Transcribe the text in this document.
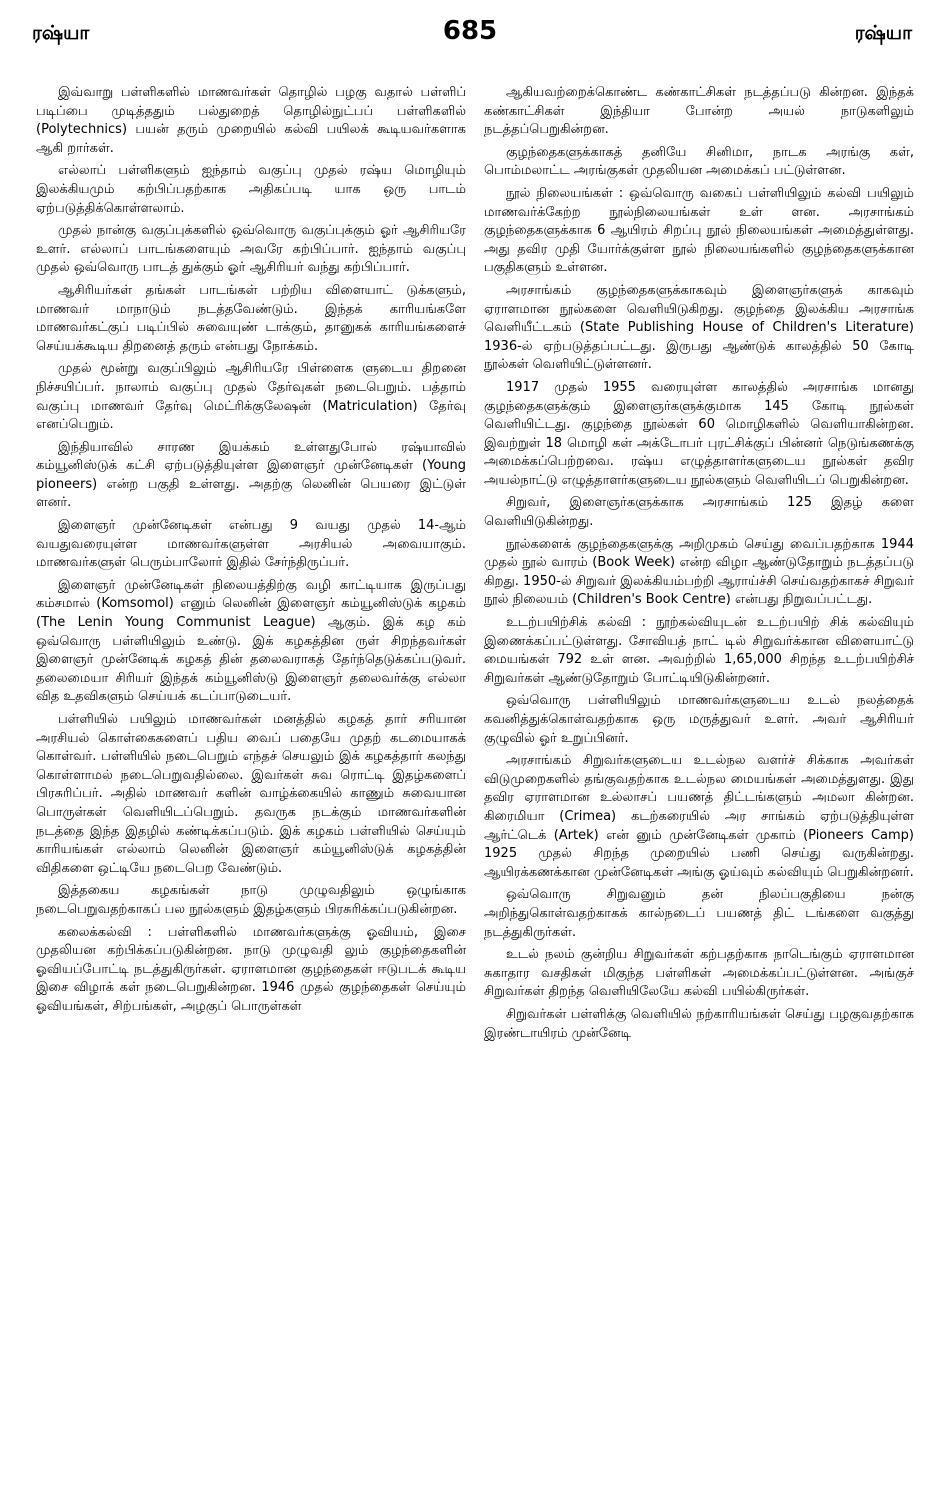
ரஷ்யா	685	ரஷ்யா

இவ்வாறு பள்ளிகளில் மாணவர்கள் தொழில் பழகு வதால் பள்ளிப் படிப்பை முடித்ததும் பல்துறைத் தொழில்நுட்பப் பள்ளிகளில் (Polytechnics) பயன் தரும் முறையில் கல்வி பயிலக் கூடியவர்களாக ஆகி றார்கள்.

எல்லாப் பள்ளிகளும் ஐந்தாம் வகுப்பு முதல் ரஷ்ய மொழியும் இலக்கியமும் கற்பிப்பதற்காக அதிகப்படி யாக ஒரு பாடம் ஏற்படுத்திக்கொள்ளலாம்.

முதல் நான்கு வகுப்புக்களில் ஒவ்வொரு வகுப்புக்கும் ஓர் ஆசிரியரே உளர். எல்லாப் பாடங்களையும் அவரே கற்பிப்பார். ஐந்தாம் வகுப்பு முதல் ஒவ்வொரு பாடத் துக்கும் ஓர் ஆசிரியர் வந்து கற்பிப்பார்.

ஆசிரியர்கள் தங்கள் பாடங்கள் பற்றிய விளையாட் டுக்களும், மாணவர் மாநாடும் நடத்தவேண்டும். இந்தக் காரியங்களே மாணவர்கட்குப் படிப்பில் சுவையுண் டாக்கும், தானுகக் காரியங்களைச் செய்யக்கூடிய திறனைத் தரும் என்பது நோக்கம்.

முதல் மூன்று வகுப்பிலும் ஆசிரியரே பிள்ளைக ளுடைய திறனை நிச்சயிப்பர். நாலாம் வகுப்பு முதல் தேர்வுகள் நடைபெறும். பத்தாம் வகுப்பு மாணவர் தேர்வு மெட்ரிக்குலேஷன் (Matriculation) தேர்வு எனப்பெறும்.

இந்தியாவில் சாரண இயக்கம் உள்ளதுபோல் ரஷ்யாவில் கம்யூனிஸ்டுக் கட்சி ஏற்படுத்தியுள்ள இளைஞர் முன்னேடிகள் (Young pioneers) என்ற பகுதி உள்ளது. அதற்கு லெனின் பெயரை இட்டுள் ளனர்.

இளைஞர் முன்னேடிகள் என்பது 9 வயது முதல் 14-ஆம் வயதுவரையுள்ள மாணவர்களுள்ள அரசியல் அவையாகும். மாணவர்களுள் பெரும்பாலோர் இதில் சேர்ந்திருப்பர்.

இளைஞர் முன்னேடிகள் நிலையத்திற்கு வழி காட்டியாக இருப்பது கம்சமால் (Komsomol) எனும் லெனின் இளைஞர் கம்யூனிஸ்டுக் கழகம் (The Lenin Young Communist League) ஆகும். இக் கழ கம் ஒவ்வொரு பள்ளியிலும் உண்டு. இக் கழகத்தின ருள் சிறந்தவர்கள் இளைஞர் முன்னேடிக் கழகத் தின் தலைவராகத் தேர்ந்தெடுக்கப்படுவர். தலைமையா சிரியர் இந்தக் கம்யூனிஸ்டு இளைஞர் தலைவர்க்கு எல்லா வித உதவிகளும் செய்யக் கடப்பாடுடையர்.

பள்ளியில் பயிலும் மாணவர்கள் மனத்தில் கழகத் தார் சரியான அரசியல் கொள்கைகளைப் பதிய வைப் பதையே முதற் கடமையாகக் கொள்வர். பள்ளியில் நடைபெறும் எந்தச் செயலும் இக் கழகத்தார் கலந்து கொள்ளாமல் நடைபெறுவதில்லை. இவர்கள் சுவ ரொட்டி இதழ்களைப் பிரசுரிப்பர். அதில் மாணவர் களின் வாழ்க்கையில் காணும் சுவையான பொருள்கள் வெளியிடப்பெறும். தவருக நடக்கும் மாணவர்களின் நடத்தை இந்த இதழில் கண்டிக்கப்படும். இக் கழகம் பள்ளியில் செய்யும் காரியங்கள் எல்லாம் லெனின் இளைஞர் கம்யூனிஸ்டுக் கழகத்தின் விதிகளை ஒட்டியே நடைபெற வேண்டும்.

இத்தகைய கழகங்கள் நாடு முழுவதிலும் ஒழுங்காக நடைபெறுவதற்காகப் பல நூல்களும் இதழ்களும் பிரசுரிக்கப்படுகின்றன.

கலைக்கல்வி : பள்ளிகளில் மாணவர்களுக்கு ஓவியம், இசை முதலியன கற்பிக்கப்படுகின்றன. நாடு முழுவதி லும் குழந்தைகளின் ஓவியப்போட்டி நடத்துகிருர்கள். ஏராளமான குழந்தைகள் ஈடுபடக் கூடிய இசை விழாக் கள் நடைபெறுகின்றன. 1946 முதல் குழந்தைகள் செய்யும் ஓவியங்கள், சிற்பங்கள், அழகுப் பொருள்கள்

ஆகியவற்றைக்கொண்ட கண்காட்சிகள் நடத்தப்படு கின்றன. இந்தக் கண்காட்சிகள் இந்தியா போன்ற அயல் நாடுகளிலும் நடத்தப்பெறுகின்றன.

குழந்தைகளுக்காகத் தனியே சினிமா, நாடக அரங்கு கள், பொம்மலாட்ட அரங்குகள் முதலியன அமைக்கப் பட்டுள்ளன.

நூல் நிலையங்கள் : ஒவ்வொரு வகைப் பள்ளியிலும் கல்வி பயிலும் மாணவர்க்கேற்ற நூல்நிலையங்கள் உள் ளன. அரசாங்கம் குழந்தைகளுக்காக 6 ஆயிரம் சிறப்பு நூல் நிலையங்கள் அமைத்துள்ளது. அது தவிர முதி யோர்க்குள்ள நூல் நிலையங்களில் குழந்தைகளுக்கான பகுதிகளும் உள்ளன.

அரசாங்கம் குழந்தைகளுக்காகவும் இளைஞர்களுக் காகவும் ஏராளமான நூல்களை வெளியிடுகிறது. குழந்தை இலக்கிய அரசாங்க வெளியீட்டகம் (State Publishing House of Children's Literature) 1936-ல் ஏற்படுத்தப்பட்டது. இருபது ஆண்டுக் காலத்தில் 50 கோடி நூல்கள் வெளியிட்டுள்ளனர்.

1917 முதல் 1955 வரையுள்ள காலத்தில் அரசாங்க மானது குழந்தைகளுக்கும் இளைஞர்களுக்குமாக 145 கோடி நூல்கள் வெளியிட்டது. குழந்தை நூல்கள் 60 மொழிகளில் வெளியாகின்றன. இவற்றுள் 18 மொழி கள் அக்டோபர் புரட்சிக்குப் பின்னர் நெடுங்கணக்கு அமைக்கப்பெற்றவை. ரஷ்ய எழுத்தாளர்களுடைய நூல்கள் தவிர அயல்நாட்டு எழுத்தாளர்களுடைய நூல்களும் வெளியிடப் பெறுகின்றன.

சிறுவர், இளைஞர்களுக்காக அரசாங்கம் 125 இதழ் களை வெளியிடுகின்றது.

நூல்களைக் குழந்தைகளுக்கு அறிமுகம் செய்து வைப்பதற்காக 1944 முதல் நூல் வாரம் (Book Week) என்ற விழா ஆண்டுதோறும் நடத்தப்படு கிறது. 1950-ல் சிறுவர் இலக்கியம்பற்றி ஆராய்ச்சி செய்வதற்காகச் சிறுவர் நூல் நிலையம் (Children's Book Centre) என்பது நிறுவப்பட்டது.

உடற்பயிற்சிக் கல்வி : நூற்கல்வியுடன் உடற்பயிற் சிக் கல்வியும் இணைக்கப்பட்டுள்ளது. சோவியத் நாட் டில் சிறுவர்க்கான விளையாட்டு மையங்கள் 792 உள் ளன. அவற்றில் 1,65,000 சிறந்த உடற்பயிற்சிச் சிறுவர்கள் ஆண்டுதோறும் போட்டியிடுகின்றனர்.

ஒவ்வொரு பள்ளியிலும் மாணவர்களுடைய உடல் நலத்தைக் கவனித்துக்கொள்வதற்காக ஒரு மருத்துவர் உளர். அவர் ஆசிரியர் குழுவில் ஓர் உறுப்பினர்.

அரசாங்கம் சிறுவர்களுடைய உடல்நல வளர்ச் சிக்காக அவர்கள் விடுமுறைகளில் தங்குவதற்காக உடல்நல மையங்கள் அமைத்துளது. இது தவிர ஏராளமான உல்லாசப் பயணத் திட்டங்களும் அமலா கின்றன. கிரைமியா (Crimea) கடற்கரையில் அர சாங்கம் ஏற்படுத்தியுள்ள ஆர்ட்டெக் (Artek) என் னும் முன்னேடிகள் முகாம் (Pioneers Camp) 1925 முதல் சிறந்த முறையில் பணி செய்து வருகின்றது. ஆயிரக்கணக்கான முன்னேடிகள் அங்கு ஓய்வும் கல்வியும் பெறுகின்றனர்.

ஒவ்வொரு சிறுவனும் தன் நிலப்பகுதியை நன்கு அறிந்துகொள்வதற்காகக் கால்நடைப் பயணத் திட் டங்களை வகுத்து நடத்துகிருர்கள்.

உடல் நலம் குன்றிய சிறுவர்கள் கற்பதற்காக நாடெங்கும் ஏராளமான சுகாதார வசதிகள் மிகுந்த பள்ளிகள் அமைக்கப்பட்டுள்ளன. அங்குச் சிறுவர்கள் திறந்த வெளியிலேயே கல்வி பயில்கிருர்கள்.

சிறுவர்கள் பள்ளிக்கு வெளியில் நற்காரியங்கள் செய்து பழகுவதற்காக இரண்டாயிரம் முன்னேடி
